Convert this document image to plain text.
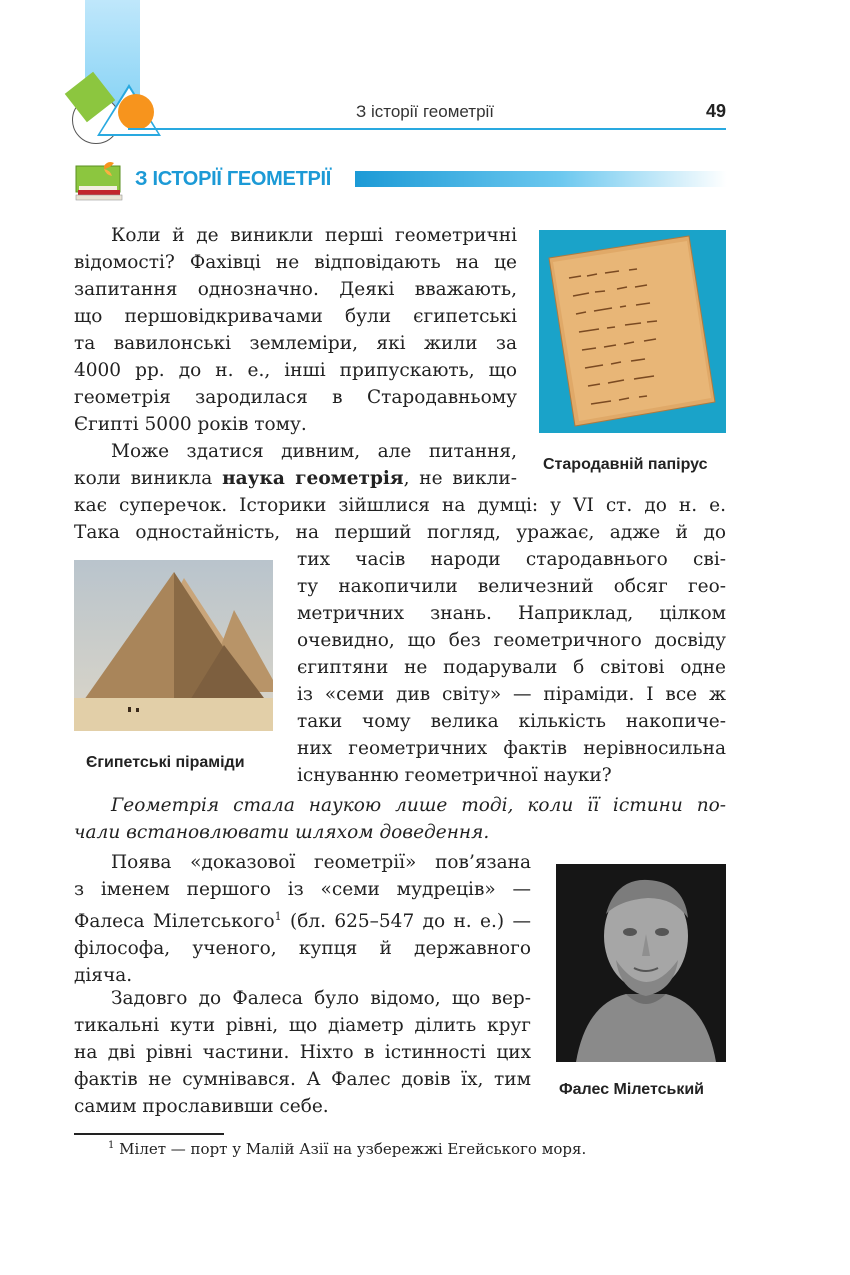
З історії геометрії	49
З ІСТОРІЇ ГЕОМЕТРІЇ
Коли й де виникли перші геометричні
відомості? Фахівці не відповідають на це
запитання однозначно. Деякі вважають,
що першовідкривачами були єгипетські
та вавилонські землеміри, які жили за
4000 рр. до н. е., інші припускають, що
геометрія зародилася в Стародавньому
Єгипті 5000 років тому.
Може здатися дивним, але питання,
коли виникла наука геометрія, не викли-
Стародавній папірус
кає суперечок. Історики зійшлися на думці: у VI ст. до н. е.
Така одностайність, на перший погляд, уражає, адже й до
Єгипетські піраміди
тих часів народи стародавнього сві-
ту накопичили величезний обсяг гео-
метричних знань. Наприклад, цілком
очевидно, що без геометричного досвіду
єгиптяни не подарували б світові одне
із «семи див світу» — піраміди. І все ж
таки чому велика кількість накопиче-
них геометричних фактів нерівносильна
існуванню геометричної науки?
Геометрія стала наукою лише тоді, коли її істини по-
чали встановлювати шляхом доведення.
Поява «доказової геометрії» пов’язана
з іменем першого із «семи мудреців» —
Фалеса Мілетського$^1$ (бл. 625–547 до н. е.) —
філософа, ученого, купця й державного
діяча.
Фалес Мілетський
Задовго до Фалеса було відомо, що вер-
тикальні кути рівні, що діаметр ділить круг
на дві рівні частини. Ніхто в істинності цих
фактів не сумнівався. А Фалес довів їх, тим
самим прославивши себе.
$^1$ Мілет — порт у Малій Азії на узбережжі Егейського моря.
